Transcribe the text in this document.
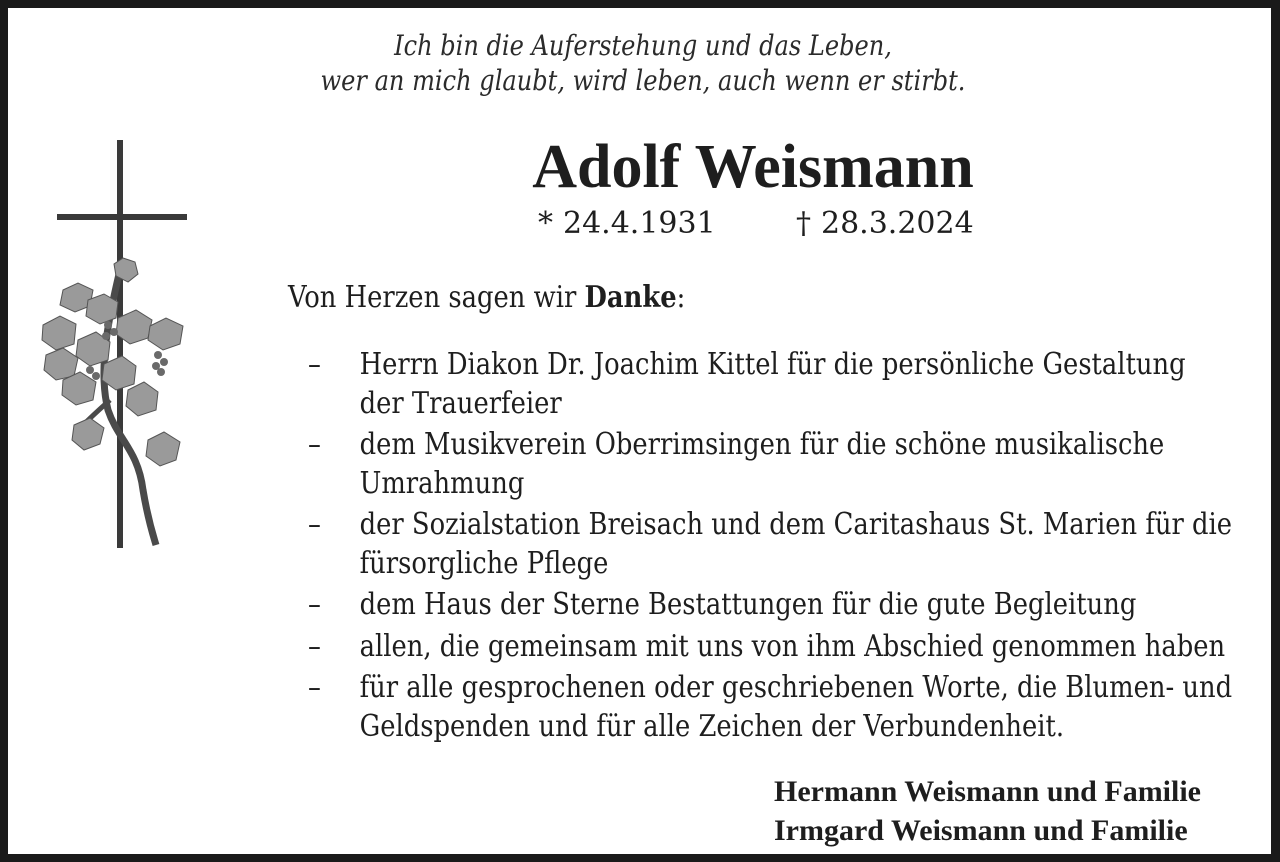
Ich bin die Auferstehung und das Leben,
wer an mich glaubt, wird leben, auch wenn er stirbt.
Adolf Weismann
* 24.4.1931	† 28.3.2024
Von Herzen sagen wir Danke:
– Herrn Diakon Dr. Joachim Kittel für die persönliche Gestaltung der Trauerfeier
– dem Musikverein Oberrimsingen für die schöne musikalische Umrahmung
– der Sozialstation Breisach und dem Caritashaus St. Marien für die fürsorgliche Pflege
– dem Haus der Sterne Bestattungen für die gute Begleitung
– allen, die gemeinsam mit uns von ihm Abschied genommen haben
– für alle gesprochenen oder geschriebenen Worte, die Blumen- und Geldspenden und für alle Zeichen der Verbundenheit.
Hermann Weismann und Familie
Irmgard Weismann und Familie
